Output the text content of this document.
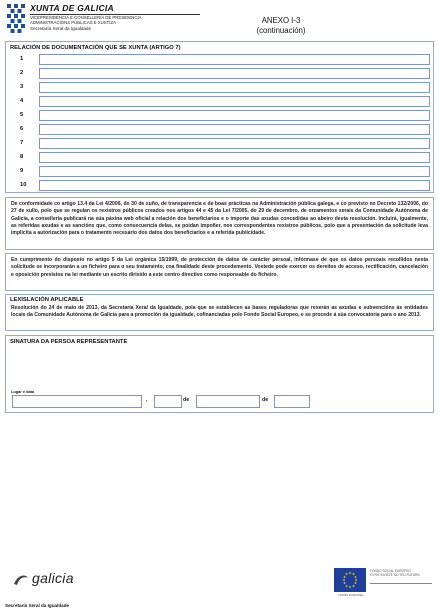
XUNTA DE GALICIA
VICEPRESIDENCIA E CONSELLERÍA DE PRESIDENCIA,
ADMINISTRACIÓNS PÚBLICAS E XUSTIZA
Secretaría Xeral da Igualdade
ANEXO I-3
(continuación)
RELACIÓN DE DOCUMENTACIÓN QUE SE XUNTA (ARTIGO 7)
1
2
3
4
5
6
7
8
9
10
De conformidade co artigo 13.4 da Lei 4/2006, do 30 de xuño, de transparencia e de boas prácticas na Administración pública galega, e co previsto no Decreto 132/2006, do 27 de xullo, polo que se regulan os rexistros públicos creados nos artigos 44 e 45 da Lei 7/2005, do 29 de decembro, de orzamentos xerais da Comunidade Autónoma de Galicia, a consellería publicará na súa páxina web oficial a relación dos beneficiarios e o importe das axudas concedidas ao abeiro desta resolución. Incluirá, igualmente, as referidas axudas e as sancións que, como consecuencia delas, se poidan impoñer, nos correspondentes rexistros públicos, polo que a presentación da solicitude leva implícita a autorización para o tratamento necesario dos datos dos beneficiarios e a referida publicidade.
En cumprimento do disposto no artigo 5 da Lei orgánica 15/1999, de protección de datos de carácter persoal, infórmase de que os datos persoais recollidos nesta solicitude se incorporarán a un ficheiro para o seu tratamento, coa finalidade deste procedemento. Vostede pode exercer os dereitos de acceso, rectificación, cancelación e oposición previstos na lei mediante un escrito dirixido a este centro directivo como responsable do ficheiro.
LEXISLACIÓN APLICABLE
Resolución do 24 de maio de 2013, da Secretaría Xeral da Igualdade, pola que se establecen as bases reguladoras que rexerán as axudas e subvencións ás entidades locais da Comunidade Autónoma de Galicia para a promoción da igualdade, cofinanciadas polo Fondo Social Europeo, e se procede á súa convocatoria para o ano 2013.
SINATURA DA PERSOA REPRESENTANTE
Lugar e data
,	de	de
galicia
Secretaría Xeral da Igualdade
FONDO SOCIAL EUROPEO
O FSE INVISTE NO TEU FUTURO
UNIÓN EUROPEA
